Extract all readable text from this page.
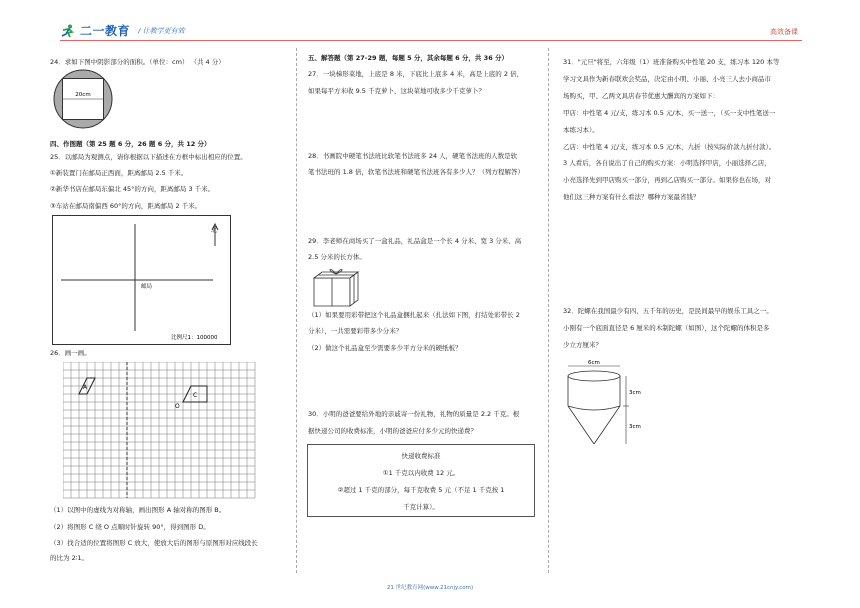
二一教育 / 让教学更有效	高效备课

24．求如下图中阴影部分的面积。（单位：cm） （共 4 分）

四、作图题（第 25 题 6 分，26 题 6 分，共 12 分）

25．以邮局为观测点，请你根据以下描述在方框中标出相应的位置。

①新装置门在邮局正西面，距离邮局 2.5 千米。

②新华书店在邮局东偏北 45°的方向，距离邮局 3 千米。

③车站在邮局南偏西 60°的方向，距离邮局 2 千米。

26．画一画。

（1）以图中的虚线为对称轴，画出图形 A 轴对称的图形 B。

（2）将图形 C 绕 O 点顺时针旋转 90°，得到图形 D。

（3）找合适的位置将图形 C 放大，使放大后的图形与原图形对应线段长

的比为 2∶1。

20cm
北
邮局
比例尺1：100000
A
C
O

五、解答题（第 27-29 题，每题 5 分，其余每题 6 分，共 36 分）

27．一块梯形菜地，上底是 8 米，下底比上底多 4 米，高是上底的 2 倍，

如果每平方米收 9.5 千克萝卜，这块菜地可收多少千克萝卜？

28．书画院中硬笔书法班比软笔书法班多 24 人，硬笔书法班的人数是软

笔书法班的 1.8 倍，软笔书法班和硬笔书法班各有多少人？（列方程解答）

29．李老师在商场买了一盒礼品，礼品盒是一个长 4 分米、宽 3 分米、高

2.5 分米的长方体。

（1）如果要用彩带把这个礼品盒捆扎起来（扎法如下图，打结处彩带长 2

分米），一共需要彩带多少分米？

（2）做这个礼品盒至少需要多少平方分米的硬纸板？

30．小明的爸爸要给外地的亲戚寄一份礼物，礼物的质量是 2.2 千克。根

据快递公司的收费标准，小明的爸爸应付多少元的快递费？

快递收费标准
①1 千克以内收费 12 元。
②超过 1 千克的部分，每千克收费 5 元（不足 1 千克按 1
千克计算）。

31．"元旦"将至，六年级（1）班准备购买中性笔 20 支，练习本 120 本等

学习文具作为新春联欢会奖品，决定由小明、小丽、小亮三人去小商品市

场购买，甲、乙两文具店春节优惠大酬宾的方案如下：

甲店：中性笔 4 元/支，练习本 0.5 元/本，买一送一，（买一支中性笔送一

本练习本）。

乙店：中性笔 4 元/支，练习本 0.5 元/本，九折（按实际价款九折付款）。

3 人看后，各自说出了自己的购买方案：小明选择甲店，小丽选择乙店，

小亮选择先到甲店购买一部分，再到乙店购买一部分。如果你也在场，对

他们这三种方案有什么看法？哪种方案最省钱？

32．陀螺在我国最少有四、五千年的历史，是民间最早的娱乐工具之一。

小刚有一个底面直径是 6 厘米的木制陀螺（如图），这个陀螺的体积是多

少立方厘米？

6cm
3cm
3cm
21 世纪教育网(www.21cnjy.com)
